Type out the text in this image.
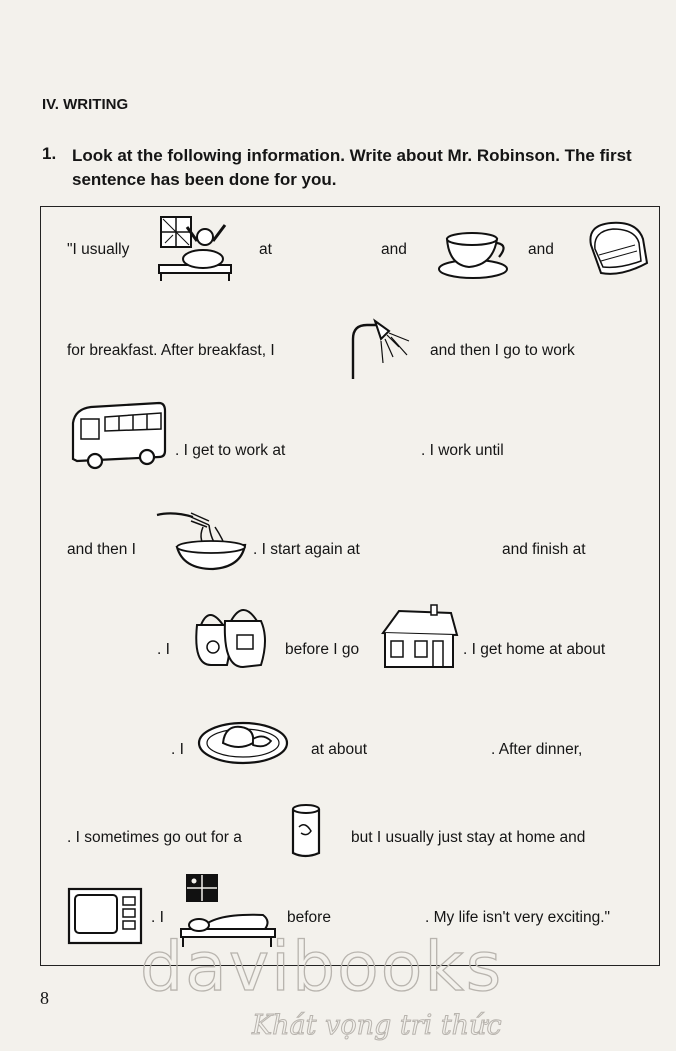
IV. WRITING
1. Look at the following information. Write about Mr. Robinson. The first sentence has been done for you.
"I usually	at	and	and
for breakfast. After breakfast, I	and then I go to work
. I get to work at	. I work until
and then I	. I start again at	and finish at
. I	before I go	. I get home at about
. I	at about	. After dinner,
. I sometimes go out for a	but I usually just stay at home and
. I	before	. My life isn't very exciting."
8 davibooks
Khát vọng tri thức
